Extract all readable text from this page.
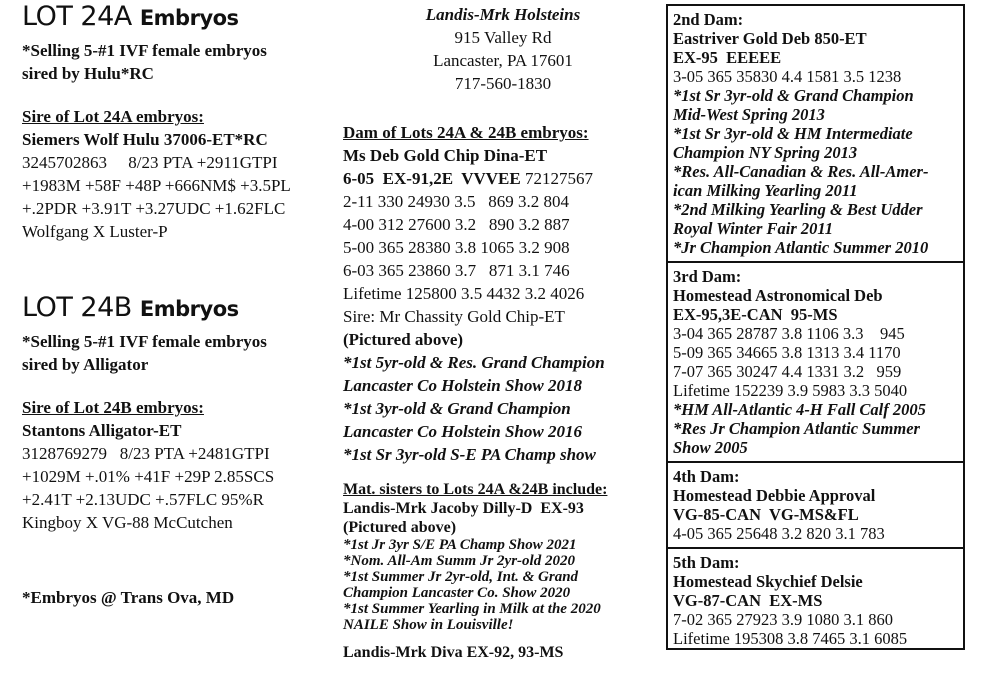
LOT 24A Embryos
*Selling 5-#1 IVF female embryos
sired by Hulu*RC
Sire of Lot 24A embryos:
Siemers Wolf Hulu 37006-ET*RC
3245702863     8/23 PTA +2911GTPI
+1983M +58F +48P +666NM$ +3.5PL
+.2PDR +3.91T +3.27UDC +1.62FLC
Wolfgang X Luster-P
LOT 24B Embryos
*Selling 5-#1 IVF female embryos
sired by Alligator
Sire of Lot 24B embryos:
Stantons Alligator-ET
3128769279   8/23 PTA +2481GTPI
+1029M +.01% +41F +29P 2.85SCS
+2.41T +2.13UDC +.57FLC 95%R
Kingboy X VG-88 McCutchen
*Embryos @ Trans Ova, MD
Landis-Mrk Holsteins
915 Valley Rd
Lancaster, PA 17601
717-560-1830
Dam of Lots 24A & 24B embryos:
Ms Deb Gold Chip Dina-ET
6-05  EX-91,2E  VVVEE 72127567
2-11 330 24930 3.5   869 3.2 804
4-00 312 27600 3.2   890 3.2 887
5-00 365 28380 3.8 1065 3.2 908
6-03 365 23860 3.7   871 3.1 746
Lifetime 125800 3.5 4432 3.2 4026
Sire: Mr Chassity Gold Chip-ET
(Pictured above)
*1st 5yr-old & Res. Grand Champion
Lancaster Co Holstein Show 2018
*1st 3yr-old & Grand Champion
Lancaster Co Holstein Show 2016
*1st Sr 3yr-old S-E PA Champ show
Mat. sisters to Lots 24A &24B include:
Landis-Mrk Jacoby Dilly-D  EX-93
(Pictured above)
*1st Jr 3yr S/E PA Champ Show 2021
*Nom. All-Am Summ Jr 2yr-old 2020
*1st Summer Jr 2yr-old, Int. & Grand
Champion Lancaster Co. Show 2020
*1st Summer Yearling in Milk at the 2020
NAILE Show in Louisville!
Landis-Mrk Diva EX-92, 93-MS
2nd Dam:
Eastriver Gold Deb 850-ET
EX-95  EEEEE
3-05 365 35830 4.4 1581 3.5 1238
*1st Sr 3yr-old & Grand Champion
Mid-West Spring 2013
*1st Sr 3yr-old & HM Intermediate
Champion NY Spring 2013
*Res. All-Canadian & Res. All-Amer-
ican Milking Yearling 2011
*2nd Milking Yearling & Best Udder
Royal Winter Fair 2011
*Jr Champion Atlantic Summer 2010
3rd Dam:
Homestead Astronomical Deb
EX-95,3E-CAN  95-MS
3-04 365 28787 3.8 1106 3.3    945
5-09 365 34665 3.8 1313 3.4 1170
7-07 365 30247 4.4 1331 3.2   959
Lifetime 152239 3.9 5983 3.3 5040
*HM All-Atlantic 4-H Fall Calf 2005
*Res Jr Champion Atlantic Summer
Show 2005
4th Dam:
Homestead Debbie Approval
VG-85-CAN  VG-MS&FL
4-05 365 25648 3.2 820 3.1 783
5th Dam:
Homestead Skychief Delsie
VG-87-CAN  EX-MS
7-02 365 27923 3.9 1080 3.1 860
Lifetime 195308 3.8 7465 3.1 6085
